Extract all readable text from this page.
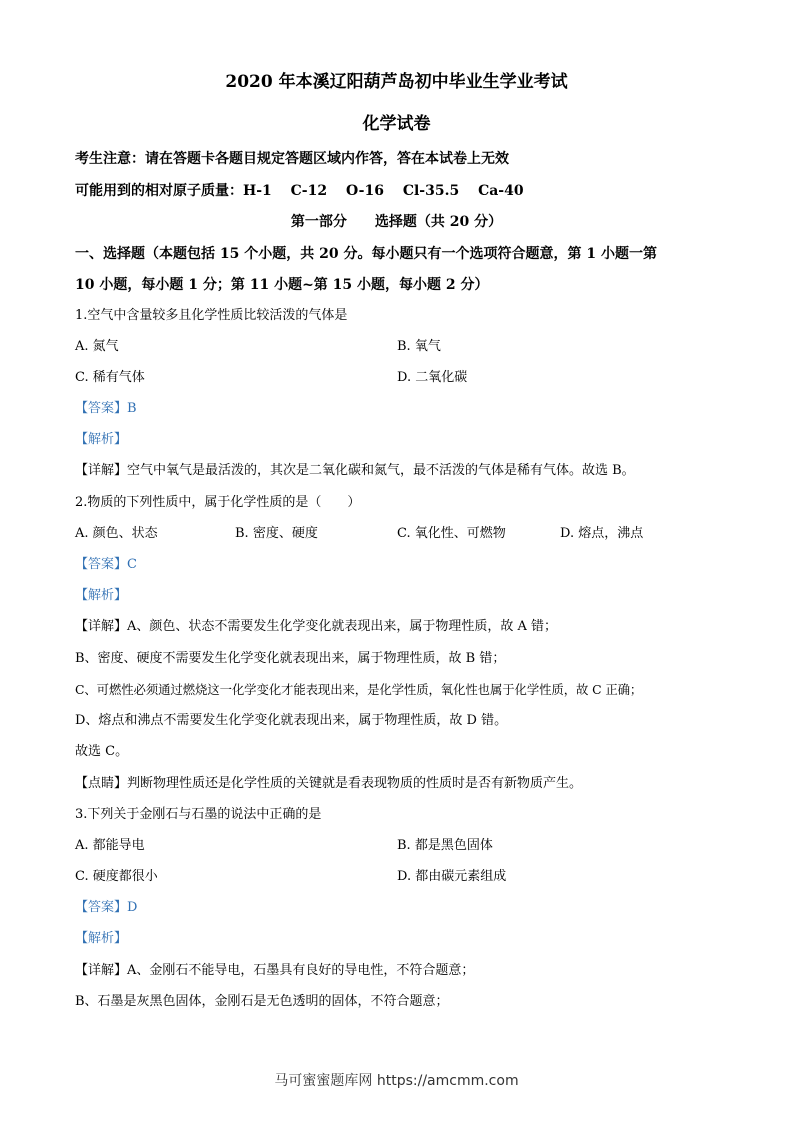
2020 年本溪辽阳葫芦岛初中毕业生学业考试
化学试卷
考生注意：请在答题卡各题目规定答题区域内作答，答在本试卷上无效
可能用到的相对原子质量：H-1　 C-12　 O-16　 Cl-35.5　 Ca-40
第一部分　　选择题（共 20 分）
一、选择题（本题包括 15 个小题，共 20 分。每小题只有一个选项符合题意，第 1 小题一第
10 小题，每小题 1 分；第 11 小题~第 15 小题，每小题 2 分）
1.空气中含量较多且化学性质比较活泼的气体是
A. 氮气	B. 氧气
C. 稀有气体	D. 二氧化碳
【答案】B
【解析】
【详解】空气中氧气是最活泼的，其次是二氧化碳和氮气，最不活泼的气体是稀有气体。故选 B。
2.物质的下列性质中，属于化学性质的是（　　）
A. 颜色、状态	B. 密度、硬度	C. 氧化性、可燃物	D. 熔点，沸点
【答案】C
【解析】
【详解】A、颜色、状态不需要发生化学变化就表现出来，属于物理性质，故 A 错；
B、密度、硬度不需要发生化学变化就表现出来，属于物理性质，故 B 错；
C、可燃性必须通过燃烧这一化学变化才能表现出来，是化学性质，氧化性也属于化学性质，故 C 正确；
D、熔点和沸点不需要发生化学变化就表现出来，属于物理性质，故 D 错。
故选 C。
【点睛】判断物理性质还是化学性质的关键就是看表现物质的性质时是否有新物质产生。
3.下列关于金刚石与石墨的说法中正确的是
A. 都能导电	B. 都是黑色固体
C. 硬度都很小	D. 都由碳元素组成
【答案】D
【解析】
【详解】A、金刚石不能导电，石墨具有良好的导电性，不符合题意；
B、石墨是灰黑色固体，金刚石是无色透明的固体，不符合题意；
马可蜜蜜题库网 https://amcmm.com
